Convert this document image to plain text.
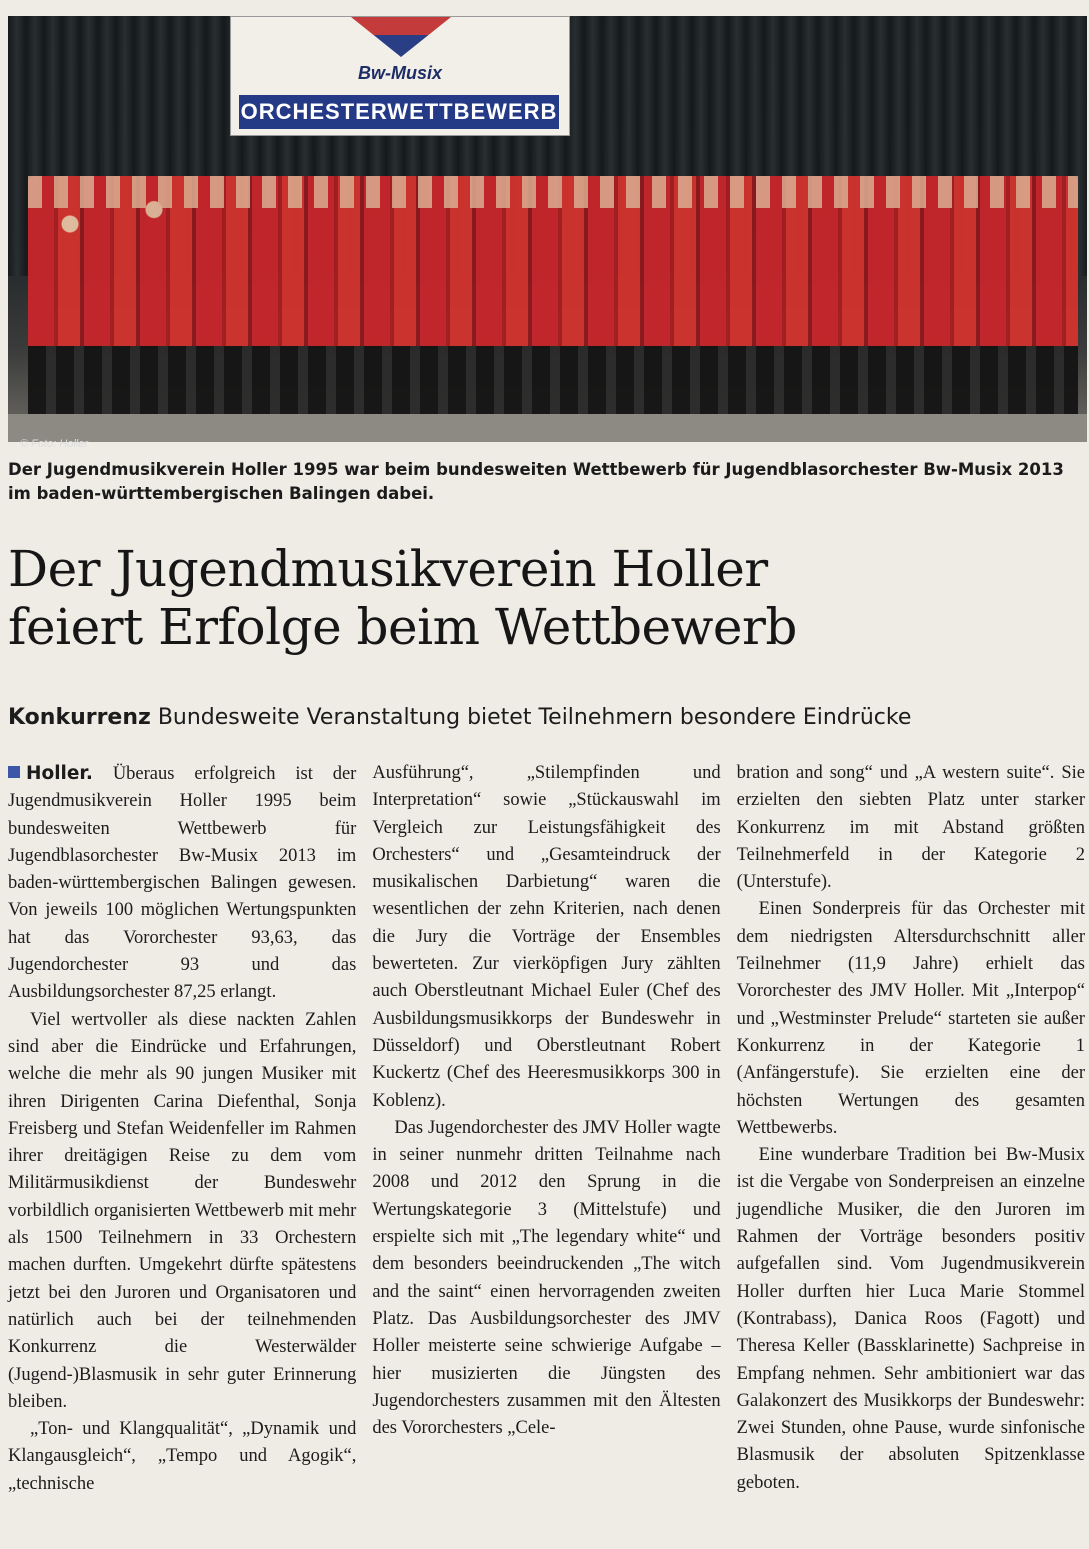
Bw-Musix
ORCHESTERWETTBEWERB
© Foto: Holler

Der Jugendmusikverein Holler 1995 war beim bundesweiten Wettbewerb für Jugendblasorchester Bw-Musix 2013 im baden-württembergischen Balingen dabei.

Der Jugendmusikverein Holler
feiert Erfolge beim Wettbewerb

Konkurrenz Bundesweite Veranstaltung bietet Teilnehmern besondere Eindrücke

Holler. Überaus erfolgreich ist der Jugendmusikverein Holler 1995 beim bundesweiten Wettbewerb für Jugendblasorchester Bw-Musix 2013 im baden-württembergischen Balingen gewesen. Von jeweils 100 möglichen Wertungspunkten hat das Vororchester 93,63, das Jugendorchester 93 und das Ausbildungsorchester 87,25 erlangt.

Viel wertvoller als diese nackten Zahlen sind aber die Eindrücke und Erfahrungen, welche die mehr als 90 jungen Musiker mit ihren Dirigenten Carina Diefenthal, Sonja Freisberg und Stefan Weidenfeller im Rahmen ihrer dreitägigen Reise zu dem vom Militärmusikdienst der Bundeswehr vorbildlich organisierten Wettbewerb mit mehr als 1500 Teilnehmern in 33 Orchestern machen durften. Umgekehrt dürfte spätestens jetzt bei den Juroren und Organisatoren und natürlich auch bei der teilnehmenden Konkurrenz die Westerwälder (Jugend-)Blasmusik in sehr guter Erinnerung bleiben.

„Ton- und Klangqualität“, „Dynamik und Klangausgleich“, „Tempo und Agogik“, „technische

Ausführung“, „Stilempfinden und Interpretation“ sowie „Stückauswahl im Vergleich zur Leistungsfähigkeit des Orchesters“ und „Gesamteindruck der musikalischen Darbietung“ waren die wesentlichen der zehn Kriterien, nach denen die Jury die Vorträge der Ensembles bewerteten. Zur vierköpfigen Jury zählten auch Oberstleutnant Michael Euler (Chef des Ausbildungsmusikkorps der Bundeswehr in Düsseldorf) und Oberstleutnant Robert Kuckertz (Chef des Heeresmusikkorps 300 in Koblenz).

Das Jugendorchester des JMV Holler wagte in seiner nunmehr dritten Teilnahme nach 2008 und 2012 den Sprung in die Wertungskategorie 3 (Mittelstufe) und erspielte sich mit „The legendary white“ und dem besonders beeindruckenden „The witch and the saint“ einen hervorragenden zweiten Platz. Das Ausbildungsorchester des JMV Holler meisterte seine schwierige Aufgabe – hier musizierten die Jüngsten des Jugendorchesters zusammen mit den Ältesten des Vororchesters „Cele-

bration and song“ und „A western suite“. Sie erzielten den siebten Platz unter starker Konkurrenz im mit Abstand größten Teilnehmerfeld in der Kategorie 2 (Unterstufe).

Einen Sonderpreis für das Orchester mit dem niedrigsten Altersdurchschnitt aller Teilnehmer (11,9 Jahre) erhielt das Vororchester des JMV Holler. Mit „Interpop“ und „Westminster Prelude“ starteten sie außer Konkurrenz in der Kategorie 1 (Anfängerstufe). Sie erzielten eine der höchsten Wertungen des gesamten Wettbewerbs.

Eine wunderbare Tradition bei Bw-Musix ist die Vergabe von Sonderpreisen an einzelne jugendliche Musiker, die den Juroren im Rahmen der Vorträge besonders positiv aufgefallen sind. Vom Jugendmusikverein Holler durften hier Luca Marie Stommel (Kontrabass), Danica Roos (Fagott) und Theresa Keller (Bassklarinette) Sachpreise in Empfang nehmen. Sehr ambitioniert war das Galakonzert des Musikkorps der Bundeswehr: Zwei Stunden, ohne Pause, wurde sinfonische Blasmusik der absoluten Spitzenklasse geboten.
